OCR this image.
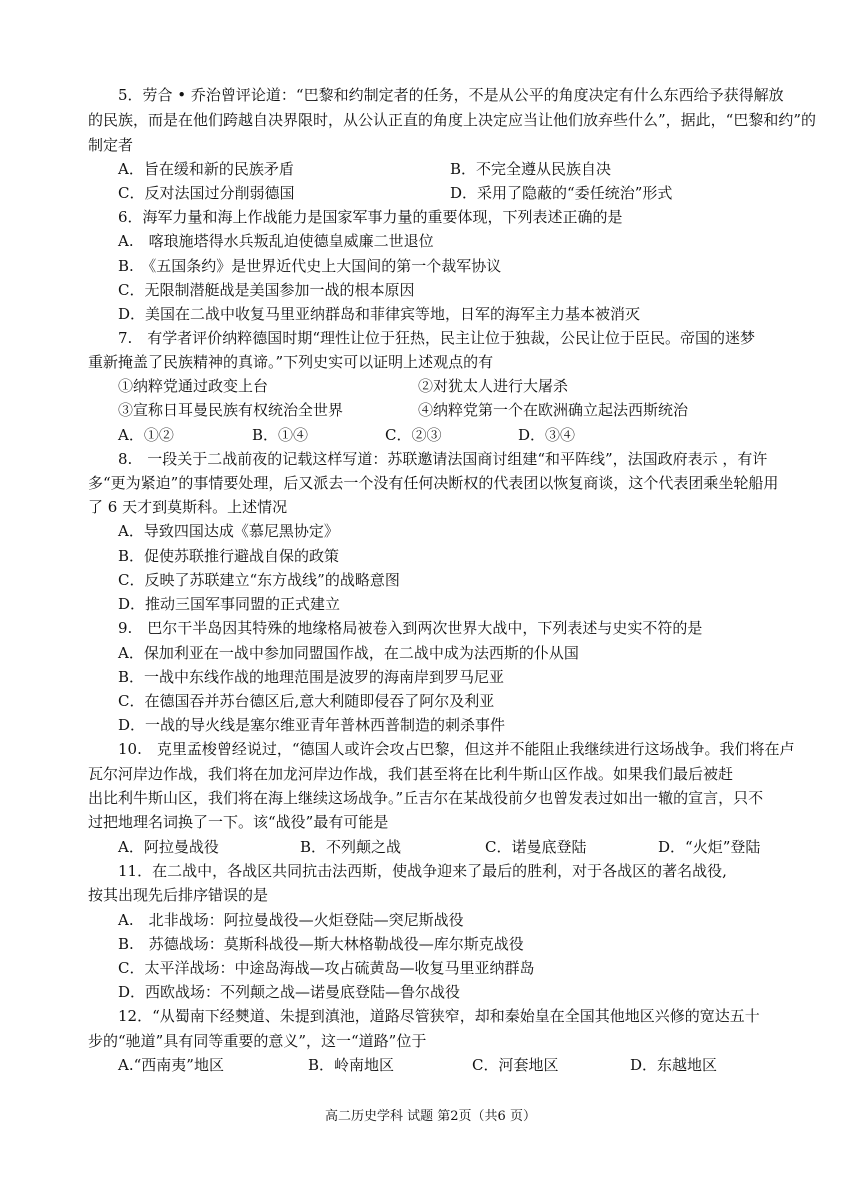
5．劳合 • 乔治曾评论道：“巴黎和约制定者的任务，不是从公平的角度决定有什么东西给予获得解放
的民族，而是在他们跨越自决界限时，从公认正直的角度上决定应当让他们放弃些什么”，据此，“巴黎和约”的
制定者
A．旨在缓和新的民族矛盾	B．不完全遵从民族自决
C．反对法国过分削弱德国	D．采用了隐蔽的“委任统治”形式
6．海军力量和海上作战能力是国家军事力量的重要体现，下列表述正确的是
A.　喀琅施塔得水兵叛乱迫使德皇威廉二世退位
B.　《五国条约》是世界近代史上大国间的第一个裁军协议
C．无限制潜艇战是美国参加一战的根本原因
D．美国在二战中收复马里亚纳群岛和菲律宾等地，日军的海军主力基本被消灭
7.　有学者评价纳粹德国时期“理性让位于狂热，民主让位于独裁，公民让位于臣民。帝国的迷梦
重新掩盖了民族精神的真谛。”下列史实可以证明上述观点的有
①纳粹党通过政变上台	②对犹太人进行大屠杀
③宣称日耳曼民族有权统治全世界	④纳粹党第一个在欧洲确立起法西斯统治
A．①②	B．①④	C．②③	D．③④
8.　一段关于二战前夜的记载这样写道：苏联邀请法国商讨组建“和平阵线”，法国政府表示 ，有许
多“更为紧迫”的事情要处理，后又派去一个没有任何决断权的代表团以恢复商谈，这个代表团乘坐轮船用
了 6 天才到莫斯科。上述情况
A．导致四国达成《慕尼黑协定》
B．促使苏联推行避战自保的政策
C．反映了苏联建立“东方战线”的战略意图
D．推动三国军事同盟的正式建立
9.　巴尔干半岛因其特殊的地缘格局被卷入到两次世界大战中，下列表述与史实不符的是
A．保加利亚在一战中参加同盟国作战，在二战中成为法西斯的仆从国
B．一战中东线作战的地理范围是波罗的海南岸到罗马尼亚
C．在德国吞并苏台德区后,意大利随即侵吞了阿尔及利亚
D．一战的导火线是塞尔维亚青年普林西普制造的刺杀事件
10.　克里孟梭曾经说过，“德国人或许会攻占巴黎，但这并不能阻止我继续进行这场战争。我们将在卢
瓦尔河岸边作战，我们将在加龙河岸边作战，我们甚至将在比利牛斯山区作战。如果我们最后被赶
出比利牛斯山区，我们将在海上继续这场战争。”丘吉尔在某战役前夕也曾发表过如出一辙的宣言，只不
过把地理名词换了一下。该“战役”最有可能是
A．阿拉曼战役	B．不列颠之战	C．诺曼底登陆	D．“火炬”登陆
11．在二战中，各战区共同抗击法西斯，使战争迎来了最后的胜利，对于各战区的著名战役,
按其出现先后排序错误的是
A.　北非战场：阿拉曼战役—火炬登陆—突尼斯战役
B.　苏德战场：莫斯科战役—斯大林格勒战役—库尔斯克战役
C．太平洋战场：中途岛海战—攻占硫黄岛—收复马里亚纳群岛
D．西欧战场：不列颠之战—诺曼底登陆—鲁尔战役
12．“从蜀南下经僰道、朱提到滇池，道路尽管狭窄，却和秦始皇在全国其他地区兴修的宽达五十
步的“驰道”具有同等重要的意义”，这一“道路”位于
A.“西南夷”地区	B．岭南地区	C．河套地区	D．东越地区
高二历史学科 试题 第2页（共6 页）
